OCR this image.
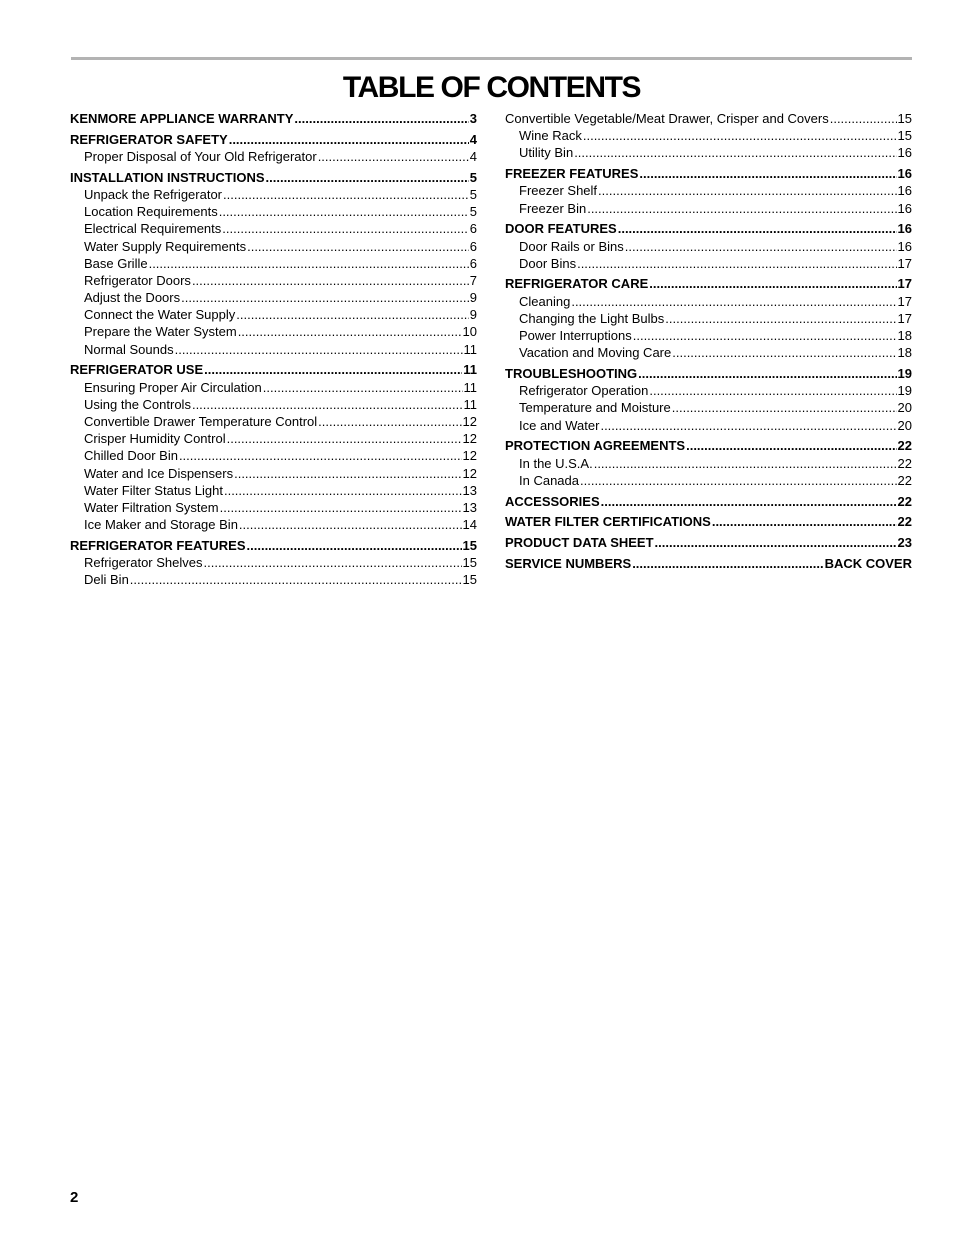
TABLE OF CONTENTS
KENMORE APPLIANCE WARRANTY .....	3
REFRIGERATOR SAFETY .....	4
Proper Disposal of Your Old Refrigerator .....	4
INSTALLATION INSTRUCTIONS .....	5
Unpack the Refrigerator .....	5
Location Requirements .....	5
Electrical Requirements .....	6
Water Supply Requirements .....	6
Base Grille .....	6
Refrigerator Doors .....	7
Adjust the Doors .....	9
Connect the Water Supply .....	9
Prepare the Water System .....	10
Normal Sounds .....	11
REFRIGERATOR USE .....	11
Ensuring Proper Air Circulation .....	11
Using the Controls .....	11
Convertible Drawer Temperature Control .....	12
Crisper Humidity Control .....	12
Chilled Door Bin .....	12
Water and Ice Dispensers .....	12
Water Filter Status Light .....	13
Water Filtration System .....	13
Ice Maker and Storage Bin .....	14
REFRIGERATOR FEATURES .....	15
Refrigerator Shelves .....	15
Deli Bin .....	15
Convertible Vegetable/Meat Drawer, Crisper and Covers .....	15
Wine Rack .....	15
Utility Bin .....	16
FREEZER FEATURES .....	16
Freezer Shelf .....	16
Freezer Bin .....	16
DOOR FEATURES .....	16
Door Rails or Bins .....	16
Door Bins .....	17
REFRIGERATOR CARE .....	17
Cleaning .....	17
Changing the Light Bulbs .....	17
Power Interruptions .....	18
Vacation and Moving Care .....	18
TROUBLESHOOTING .....	19
Refrigerator Operation .....	19
Temperature and Moisture .....	20
Ice and Water .....	20
PROTECTION AGREEMENTS .....	22
In the U.S.A. .....	22
In Canada .....	22
ACCESSORIES .....	22
WATER FILTER CERTIFICATIONS .....	22
PRODUCT DATA SHEET .....	23
SERVICE NUMBERS .....	BACK COVER
2
